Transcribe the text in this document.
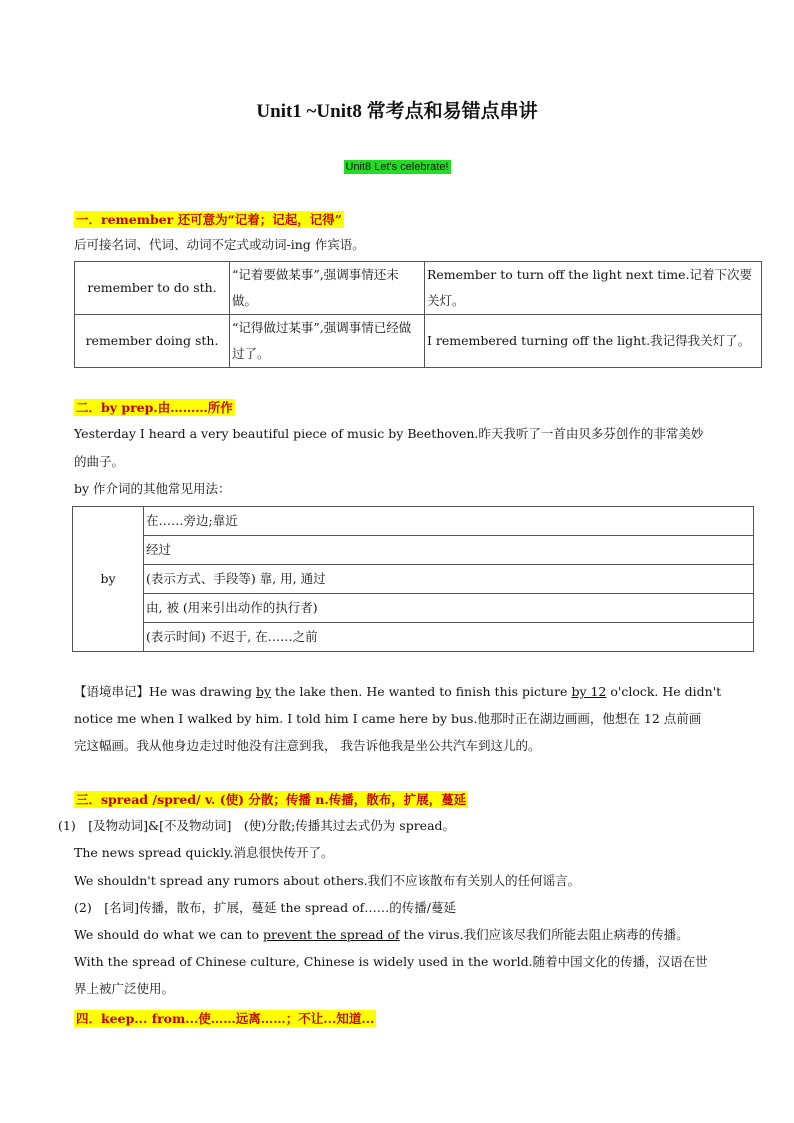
Unit1 ~Unit8 常考点和易错点串讲
Unit8 Let's celebrate!
一．remember 还可意为“记着；记起，记得”
后可接名词、代词、动词不定式或动词-ing 作宾语。
remember to do sth.	“记着要做某事”,强调事情还未做。	Remember to turn off the light next time.记着下次要关灯。
remember doing sth.	“记得做过某事”,强调事情已经做过了。	I remembered turning off the light.我记得我关灯了。
二．by prep.由………所作
Yesterday I heard a very beautiful piece of music by Beethoven.昨天我听了一首由贝多芬创作的非常美妙
的曲子。
by 作介词的其他常见用法：
by	在……旁边;靠近
经过
(表示方式、手段等) 靠, 用, 通过
由, 被 (用来引出动作的执行者)
(表示时间) 不迟于, 在……之前
【语境串记】He was drawing by the lake then. He wanted to finish this picture by 12 o'clock. He didn't
notice me when I walked by him. I told him I came here by bus.他那时正在湖边画画，他想在 12 点前画
完这幅画。我从他身边走过时他没有注意到我， 我告诉他我是坐公共汽车到这儿的。
三．spread /spred/ v. (使) 分散；传播 n.传播，散布，扩展，蔓延
(1)　[及物动词]&[不及物动词]　(使)分散;传播其过去式仍为 spread。
The news spread quickly.消息很快传开了。
We shouldn't spread any rumors about others.我们不应该散布有关别人的任何谣言。
(2)　[名词]传播，散布，扩展，蔓延 the spread of……的传播/蔓延
We should do what we can to prevent the spread of the virus.我们应该尽我们所能去阻止病毒的传播。
With the spread of Chinese culture, Chinese is widely used in the world.随着中国文化的传播，汉语在世
界上被广泛使用。
四．keep... from...使……远离……；不让...知道...
